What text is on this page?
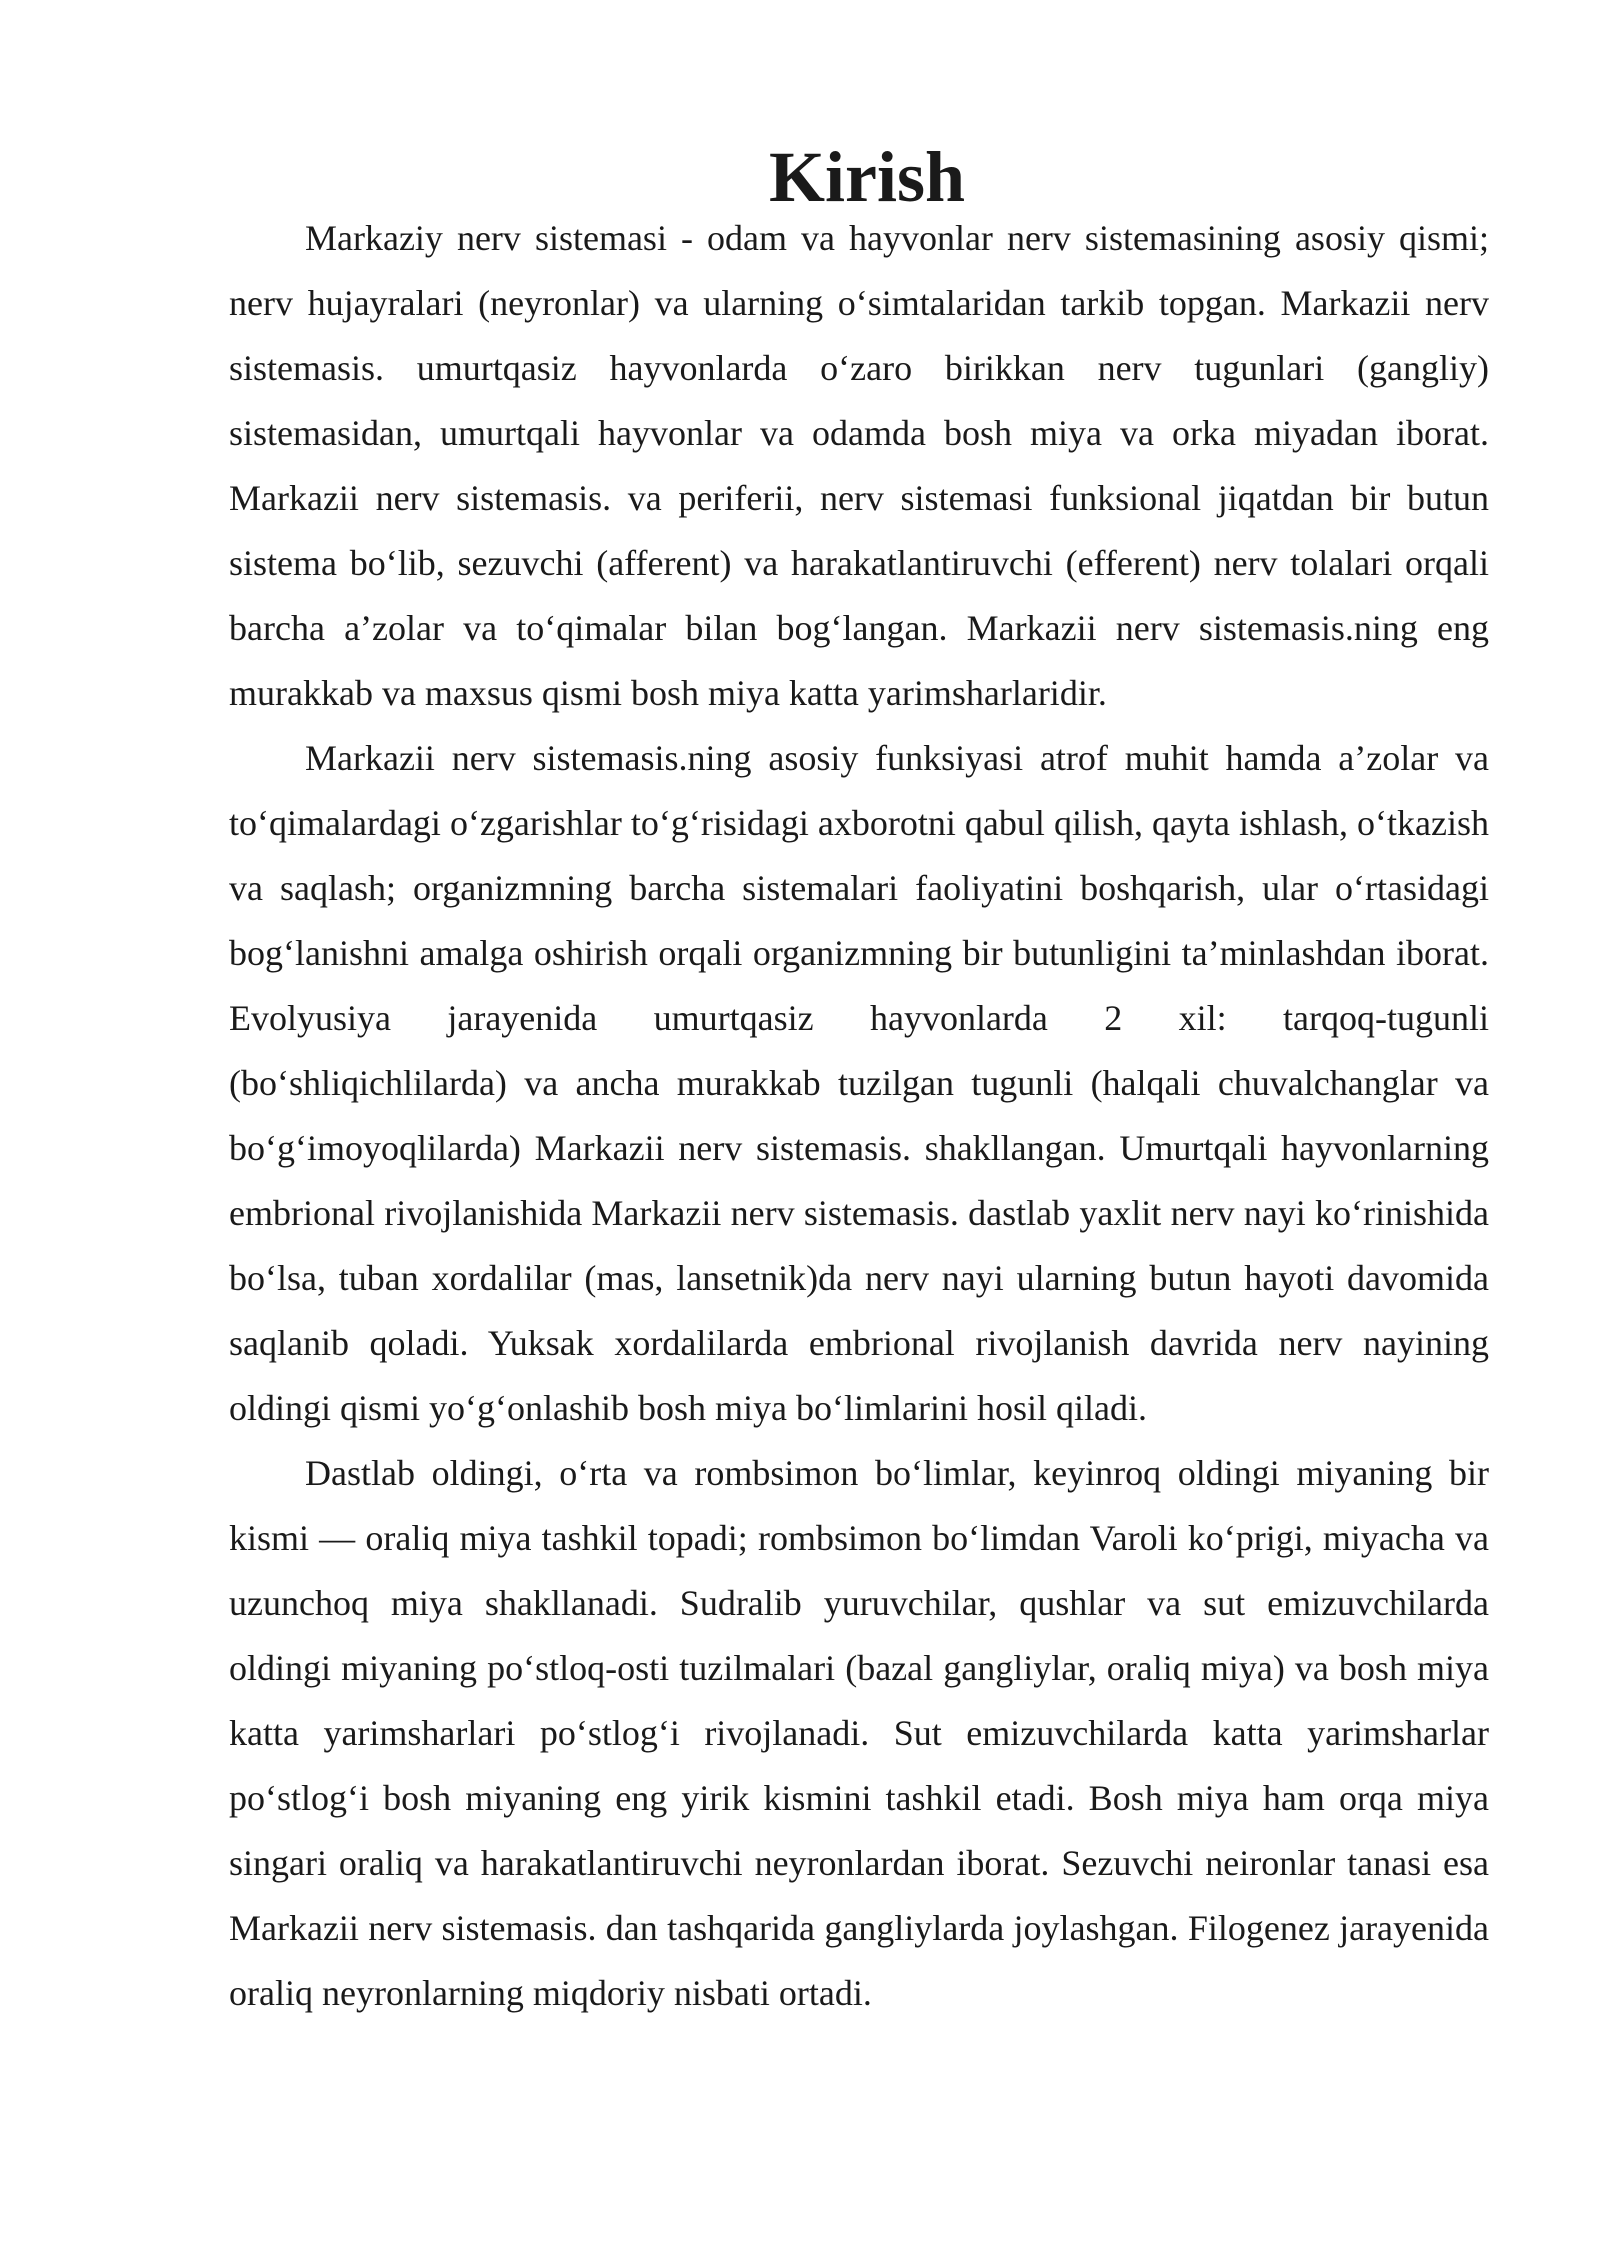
Kirish

Markaziy nerv sistemasi - odam va hayvonlar nerv sistemasining asosiy qismi; nerv hujayralari (neyronlar) va ularning o‘simtalaridan tarkib topgan. Markazii nerv sistemasis. umurtqasiz hayvonlarda o‘zaro birikkan nerv tugunlari (gangliy) sistemasidan, umurtqali hayvonlar va odamda bosh miya va orka miyadan iborat. Markazii nerv sistemasis. va periferii, nerv sistemasi funksional jiqatdan bir butun sistema bo‘lib, sezuvchi (afferent) va harakatlantiruvchi (efferent) nerv tolalari orqali barcha a’zolar va to‘qimalar bilan bog‘langan. Markazii nerv sistemasis.ning eng murakkab va maxsus qismi bosh miya katta yarimsharlaridir.

Markazii nerv sistemasis.ning asosiy funksiyasi atrof muhit hamda a’zolar va to‘qimalardagi o‘zgarishlar to‘g‘risidagi axborotni qabul qilish, qayta ishlash, o‘tkazish va saqlash; organizmning barcha sistemalari faoliyatini boshqarish, ular o‘rtasidagi bog‘lanishni amalga oshirish orqali organizmning bir butunligini ta’minlashdan iborat. Evolyusiya jarayenida umurtqasiz hayvonlarda 2 xil: tarqoq-tugunli (bo‘shliqichlilarda) va ancha murakkab tuzilgan tugunli (halqali chuvalchanglar va bo‘g‘imoyoqlilarda) Markazii nerv sistemasis. shakllangan. Umurtqali hayvonlarning embrional rivojlanishida Markazii nerv sistemasis. dastlab yaxlit nerv nayi ko‘rinishida bo‘lsa, tuban xordalilar (mas, lansetnik)da nerv nayi ularning butun hayoti davomida saqlanib qoladi. Yuksak xordalilarda embrional rivojlanish davrida nerv nayining oldingi qismi yo‘g‘onlashib bosh miya bo‘limlarini hosil qiladi.

Dastlab oldingi, o‘rta va rombsimon bo‘limlar, keyinroq oldingi miyaning bir kismi — oraliq miya tashkil topadi; rombsimon bo‘limdan Varoli ko‘prigi, miyacha va uzunchoq miya shakllanadi. Sudralib yuruvchilar, qushlar va sut emizuvchilarda oldingi miyaning po‘stloq-osti tuzilmalari (bazal gangliylar, oraliq miya) va bosh miya katta yarimsharlari po‘stlog‘i rivojlanadi. Sut emizuvchilarda katta yarimsharlar po‘stlog‘i bosh miyaning eng yirik kismini tashkil etadi. Bosh miya ham orqa miya singari oraliq va harakatlantiruvchi neyronlardan iborat. Sezuvchi neironlar tanasi esa Markazii nerv sistemasis. dan tashqarida gangliylarda joylashgan. Filogenez jarayenida oraliq neyronlarning miqdoriy nisbati ortadi.
